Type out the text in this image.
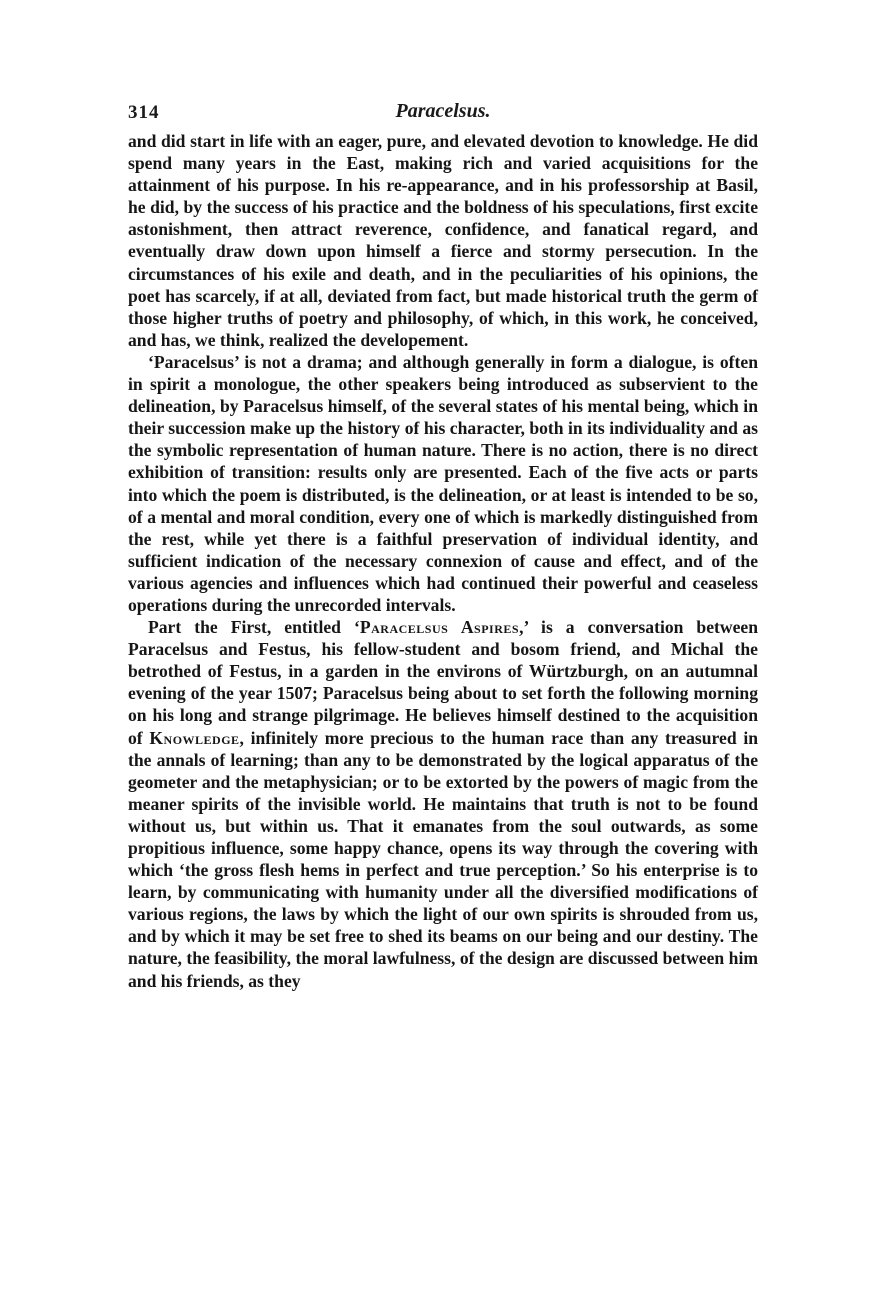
314	Paracelsus.

and did start in life with an eager, pure, and elevated devotion to knowledge. He did spend many years in the East, making rich and varied acquisitions for the attainment of his purpose. In his re-appearance, and in his professorship at Basil, he did, by the success of his practice and the boldness of his speculations, first excite astonishment, then attract reverence, confidence, and fanatical regard, and eventually draw down upon himself a fierce and stormy persecution. In the circumstances of his exile and death, and in the peculiarities of his opinions, the poet has scarcely, if at all, deviated from fact, but made historical truth the germ of those higher truths of poetry and philosophy, of which, in this work, he conceived, and has, we think, realized the developement.

‘Paracelsus’ is not a drama; and although generally in form a dialogue, is often in spirit a monologue, the other speakers being introduced as subservient to the delineation, by Paracelsus himself, of the several states of his mental being, which in their succession make up the history of his character, both in its individuality and as the symbolic representation of human nature. There is no action, there is no direct exhibition of transition: results only are presented. Each of the five acts or parts into which the poem is distributed, is the delineation, or at least is intended to be so, of a mental and moral condition, every one of which is markedly distinguished from the rest, while yet there is a faithful preservation of individual identity, and sufficient indication of the necessary connexion of cause and effect, and of the various agencies and influences which had continued their powerful and ceaseless operations during the unrecorded intervals.

Part the First, entitled ‘Paracelsus Aspires,’ is a conversation between Paracelsus and Festus, his fellow-student and bosom friend, and Michal the betrothed of Festus, in a garden in the environs of Würtzburgh, on an autumnal evening of the year 1507; Paracelsus being about to set forth the following morning on his long and strange pilgrimage. He believes himself destined to the acquisition of Knowledge, infinitely more precious to the human race than any treasured in the annals of learning; than any to be demonstrated by the logical apparatus of the geometer and the metaphysician; or to be extorted by the powers of magic from the meaner spirits of the invisible world. He maintains that truth is not to be found without us, but within us. That it emanates from the soul outwards, as some propitious influence, some happy chance, opens its way through the covering with which ‘the gross flesh hems in perfect and true perception.’ So his enterprise is to learn, by communicating with humanity under all the diversified modifications of various regions, the laws by which the light of our own spirits is shrouded from us, and by which it may be set free to shed its beams on our being and our destiny. The nature, the feasibility, the moral lawfulness, of the design are discussed between him and his friends, as they
